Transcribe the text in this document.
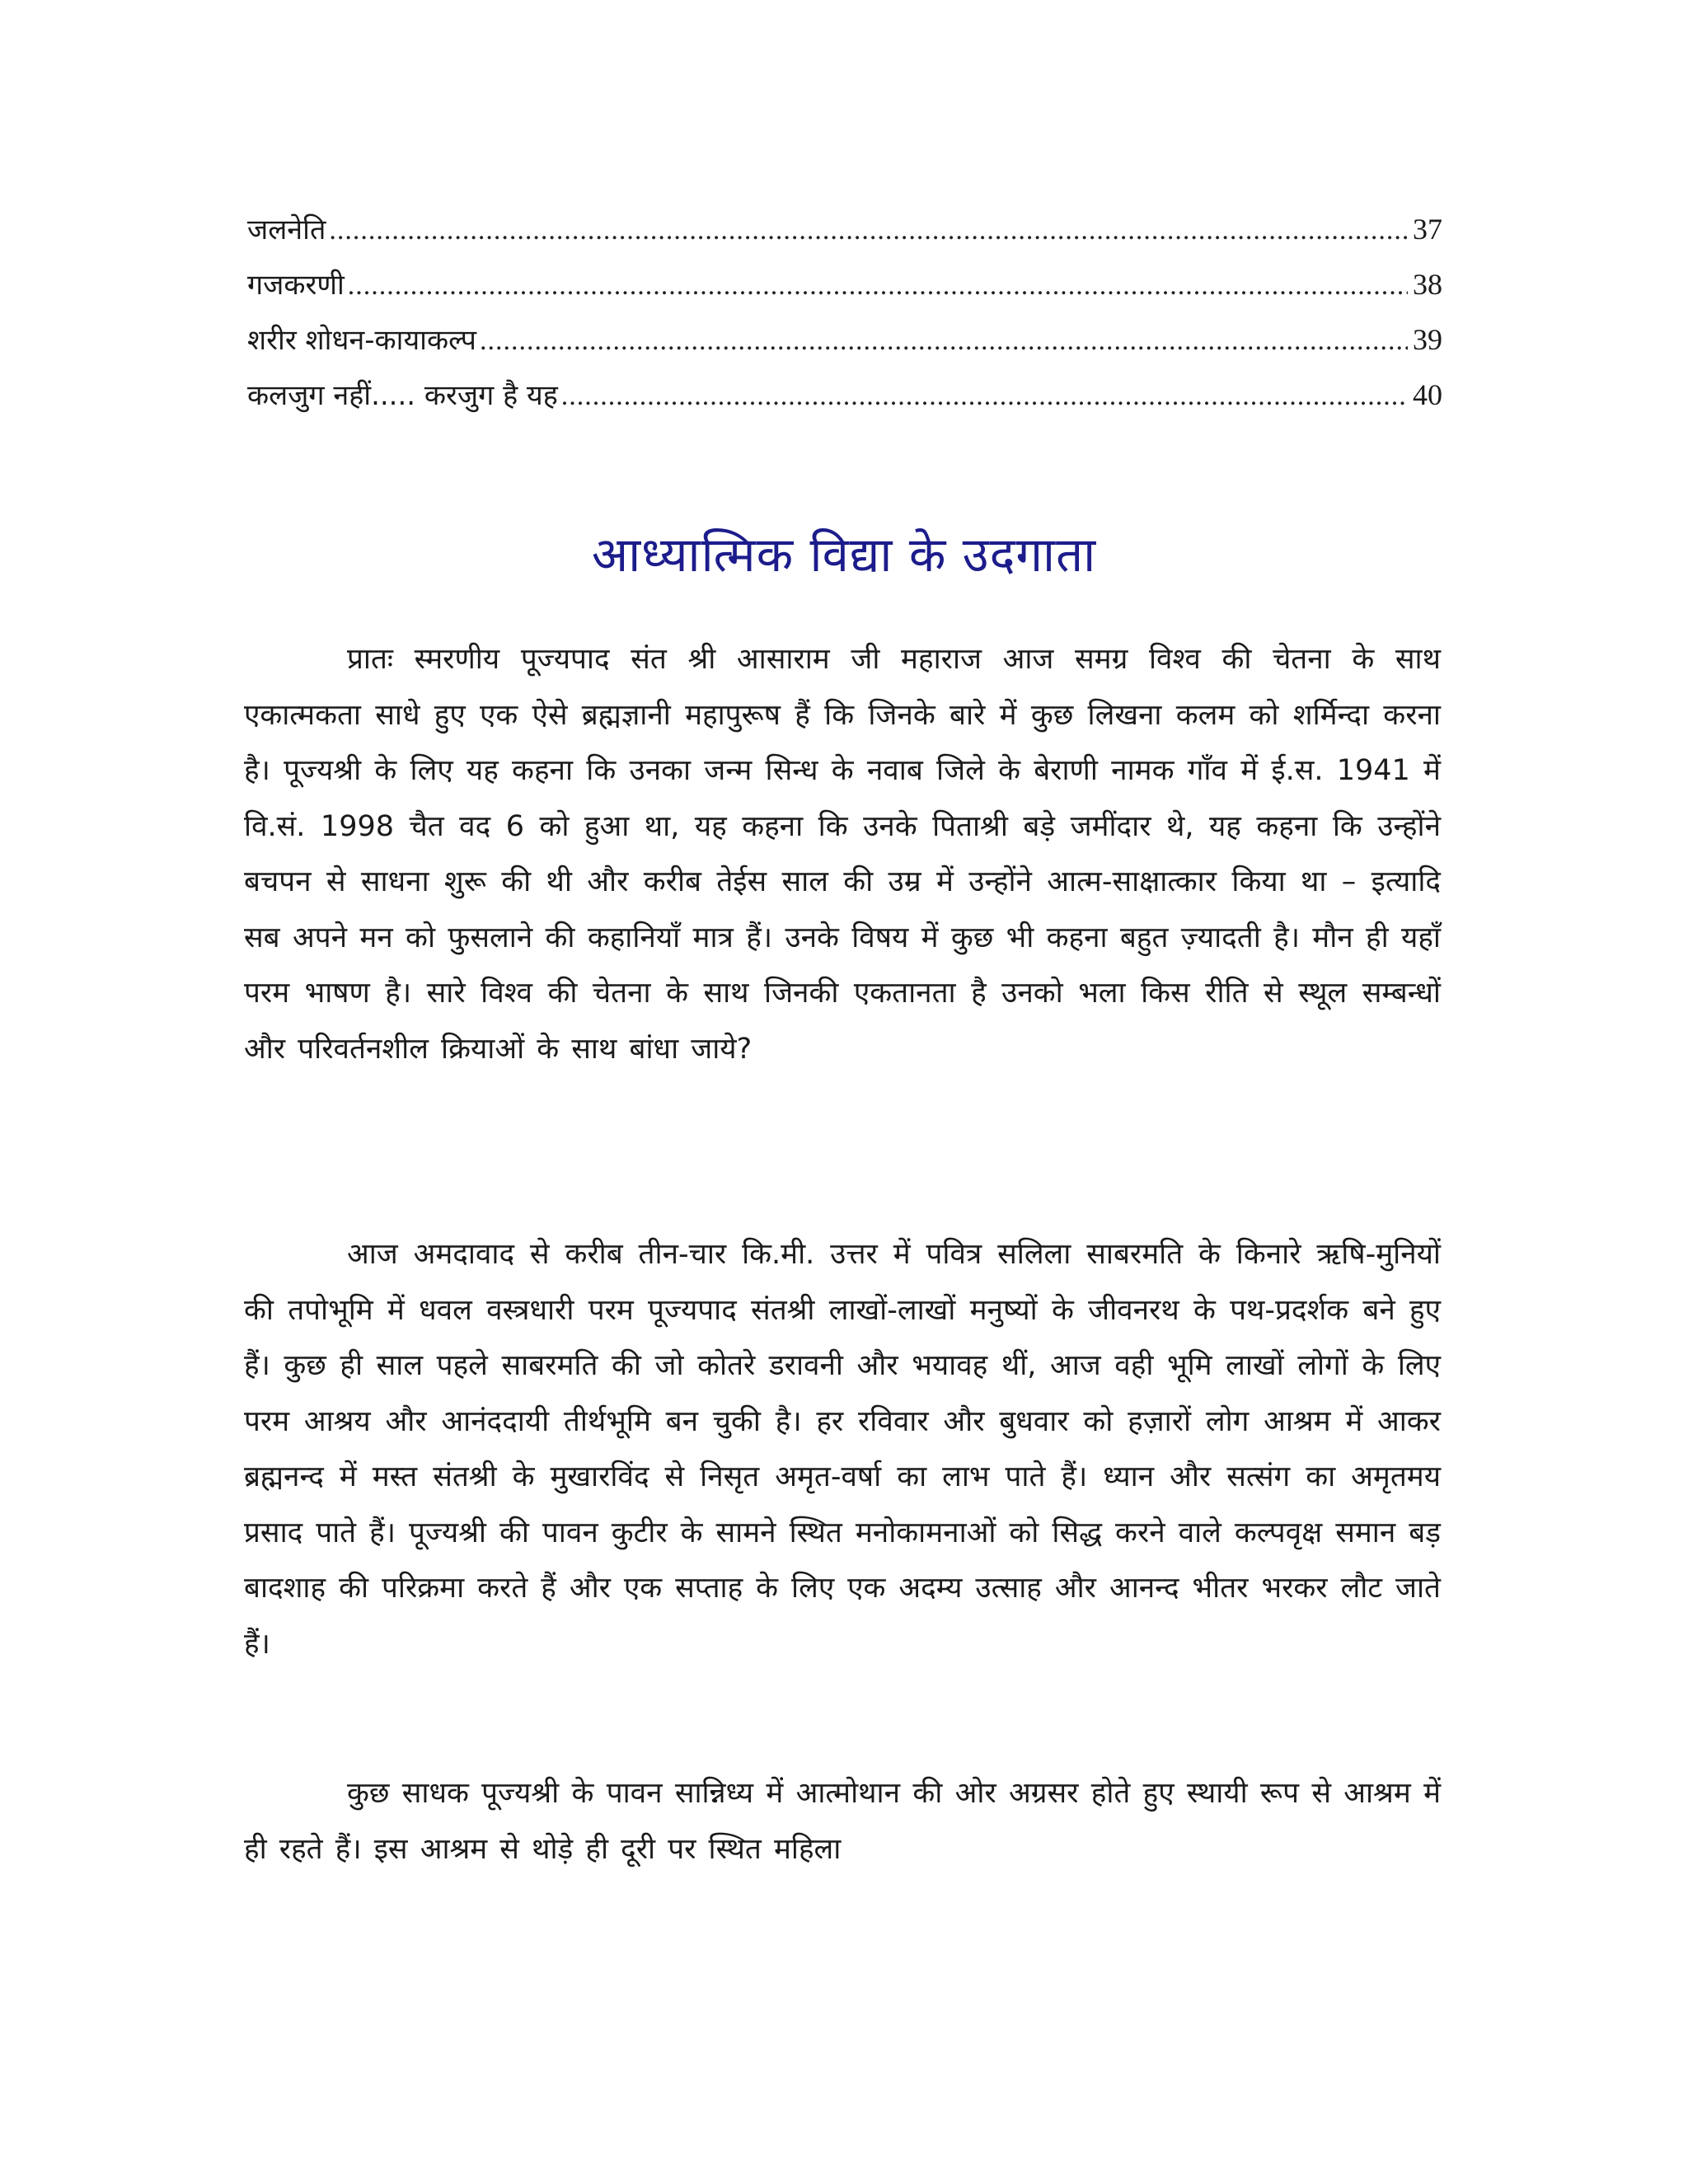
जलनेति .....	37
गजकरणी .....	38
शरीर शोधन-कायाकल्प .....	39
कलजुग नहीं..... करजुग है यह .....	40
आध्यात्मिक विद्या के उदगाता

प्रातः स्मरणीय पूज्यपाद संत श्री आसाराम जी महाराज आज समग्र विश्व की चेतना के साथ एकात्मकता साधे हुए एक ऐसे ब्रह्मज्ञानी महापुरूष हैं कि जिनके बारे में कुछ लिखना कलम को शर्मिन्दा करना है। पूज्यश्री के लिए यह कहना कि उनका जन्म सिन्ध के नवाब जिले के बेराणी नामक गाँव में ई.स. 1941 में वि.सं. 1998 चैत वद 6 को हुआ था, यह कहना कि उनके पिताश्री बड़े जमींदार थे, यह कहना कि उन्होंने बचपन से साधना शुरू की थी और करीब तेईस साल की उम्र में उन्होंने आत्म-साक्षात्कार किया था – इत्यादि सब अपने मन को फुसलाने की कहानियाँ मात्र हैं। उनके विषय में कुछ भी कहना बहुत ज़्यादती है। मौन ही यहाँ परम भाषण है। सारे विश्व की चेतना के साथ जिनकी एकतानता है उनको भला किस रीति से स्थूल सम्बन्धों और परिवर्तनशील क्रियाओं के साथ बांधा जाये?

आज अमदावाद से करीब तीन-चार कि.मी. उत्तर में पवित्र सलिला साबरमति के किनारे ऋषि-मुनियों की तपोभूमि में धवल वस्त्रधारी परम पूज्यपाद संतश्री लाखों-लाखों मनुष्यों के जीवनरथ के पथ-प्रदर्शक बने हुए हैं। कुछ ही साल पहले साबरमति की जो कोतरे डरावनी और भयावह थीं, आज वही भूमि लाखों लोगों के लिए परम आश्रय और आनंददायी तीर्थभूमि बन चुकी है। हर रविवार और बुधवार को हज़ारों लोग आश्रम में आकर ब्रह्मनन्द में मस्त संतश्री के मुखारविंद से निसृत अमृत-वर्षा का लाभ पाते हैं। ध्यान और सत्संग का अमृतमय प्रसाद पाते हैं। पूज्यश्री की पावन कुटीर के सामने स्थित मनोकामनाओं को सिद्ध करने वाले कल्पवृक्ष समान बड़ बादशाह की परिक्रमा करते हैं और एक सप्ताह के लिए एक अदम्य उत्साह और आनन्द भीतर भरकर लौट जाते हैं।

कुछ साधक पूज्यश्री के पावन सान्निध्य में आत्मोथान की ओर अग्रसर होते हुए स्थायी रूप से आश्रम में ही रहते हैं। इस आश्रम से थोड़े ही दूरी पर स्थित महिला
